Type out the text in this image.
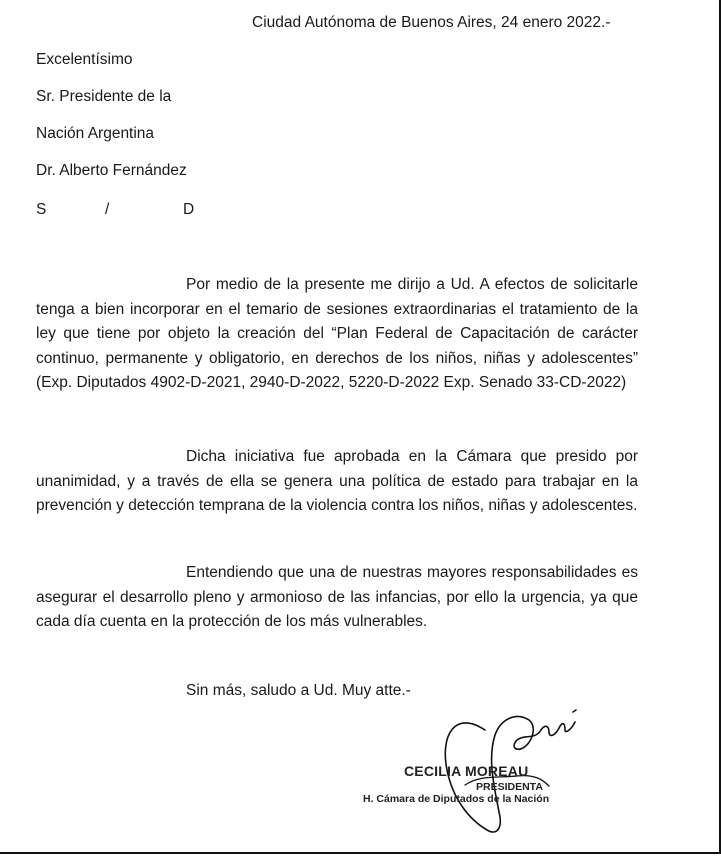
Ciudad Autónoma de Buenos Aires, 24 enero 2022.-
Excelentísimo
Sr. Presidente de la
Nación Argentina
Dr. Alberto Fernández
S	/	D

Por medio de la presente me dirijo a Ud. A efectos de solicitarle tenga a bien incorporar en el temario de sesiones extraordinarias el tratamiento de la ley que tiene por objeto la creación del “Plan Federal de Capacitación de carácter continuo, permanente y obligatorio, en derechos de los niños, niñas y adolescentes” (Exp. Diputados 4902-D-2021, 2940-D-2022, 5220-D-2022 Exp. Senado 33-CD-2022)

Dicha iniciativa fue aprobada en la Cámara que presido por unanimidad, y a través de ella se genera una política de estado para trabajar en la prevención y detección temprana de la violencia contra los niños, niñas y adolescentes.

Entendiendo que una de nuestras mayores responsabilidades es asegurar el desarrollo pleno y armonioso de las infancias, por ello la urgencia, ya que cada día cuenta en la protección de los más vulnerables.

Sin más, saludo a Ud. Muy atte.-
CECILIA MOREAU
PRESIDENTA
H. Cámara de Diputados de la Nación
